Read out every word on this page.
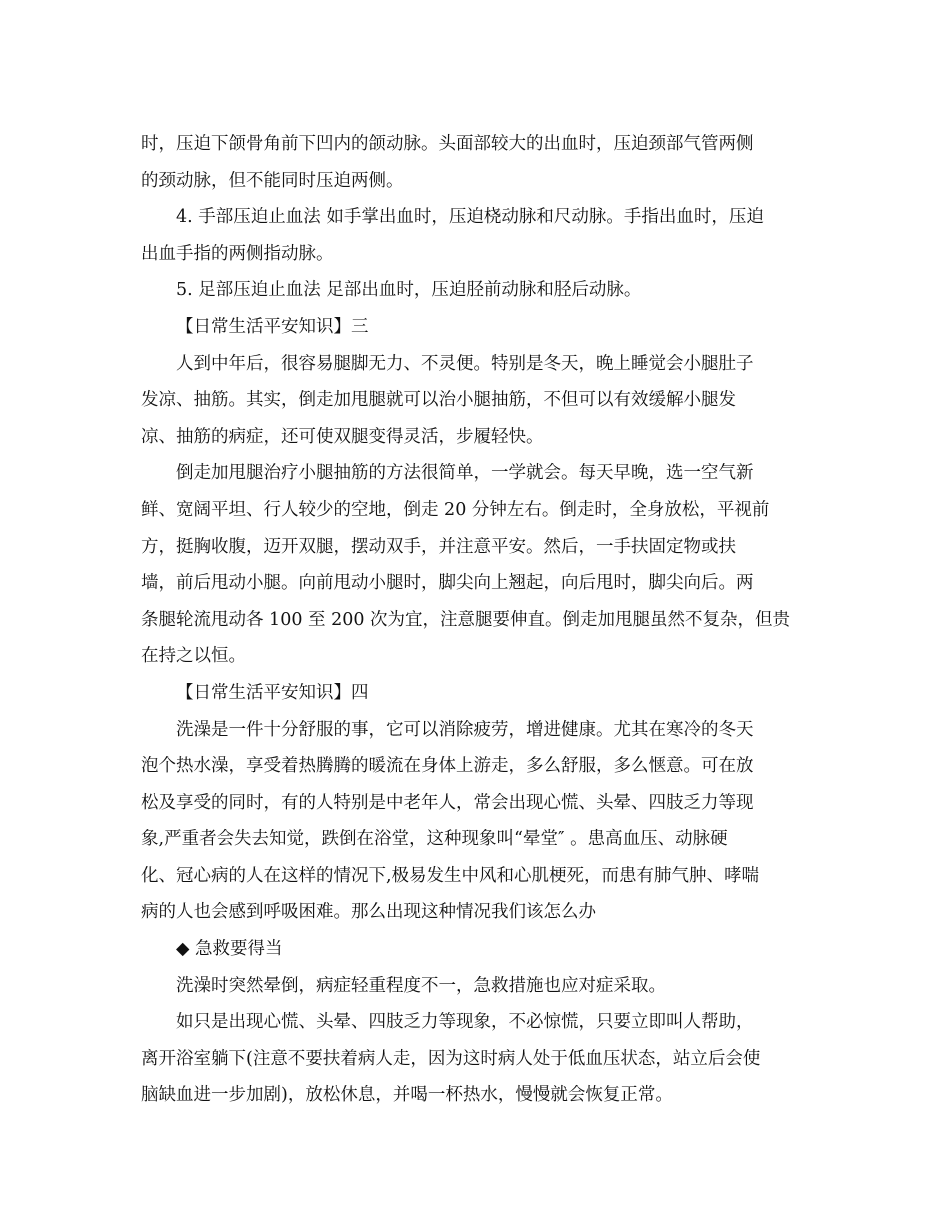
时，压迫下颌骨角前下凹内的颌动脉。头面部较大的出血时，压迫颈部气管两侧
的颈动脉，但不能同时压迫两侧。
4. 手部压迫止血法 如手掌出血时，压迫桡动脉和尺动脉。手指出血时，压迫
出血手指的两侧指动脉。
5. 足部压迫止血法 足部出血时，压迫胫前动脉和胫后动脉。
【日常生活平安知识】三
人到中年后，很容易腿脚无力、不灵便。特别是冬天，晚上睡觉会小腿肚子
发凉、抽筋。其实，倒走加甩腿就可以治小腿抽筋，不但可以有效缓解小腿发
凉、抽筋的病症，还可使双腿变得灵活，步履轻快。
倒走加甩腿治疗小腿抽筋的方法很简单，一学就会。每天早晚，选一空气新
鲜、宽阔平坦、行人较少的空地，倒走 20 分钟左右。倒走时，全身放松，平视前
方，挺胸收腹，迈开双腿，摆动双手，并注意平安。然后，一手扶固定物或扶
墙，前后甩动小腿。向前甩动小腿时，脚尖向上翘起，向后甩时，脚尖向后。两
条腿轮流甩动各 100 至 200 次为宜，注意腿要伸直。倒走加甩腿虽然不复杂，但贵
在持之以恒。
【日常生活平安知识】四
洗澡是一件十分舒服的事，它可以消除疲劳，增进健康。尤其在寒冷的冬天
泡个热水澡，享受着热腾腾的暖流在身体上游走，多么舒服，多么惬意。可在放
松及享受的同时，有的人特别是中老年人，常会出现心慌、头晕、四肢乏力等现
象,严重者会失去知觉，跌倒在浴堂，这种现象叫“晕堂″ 。患高血压、动脉硬
化、冠心病的人在这样的情况下,极易发生中风和心肌梗死，而患有肺气肿、哮喘
病的人也会感到呼吸困难。那么出现这种情况我们该怎么办
◆ 急救要得当
洗澡时突然晕倒，病症轻重程度不一，急救措施也应对症采取。
如只是出现心慌、头晕、四肢乏力等现象，不必惊慌，只要立即叫人帮助，
离开浴室躺下(注意不要扶着病人走，因为这时病人处于低血压状态，站立后会使
脑缺血进一步加剧)，放松休息，并喝一杯热水，慢慢就会恢复正常。
